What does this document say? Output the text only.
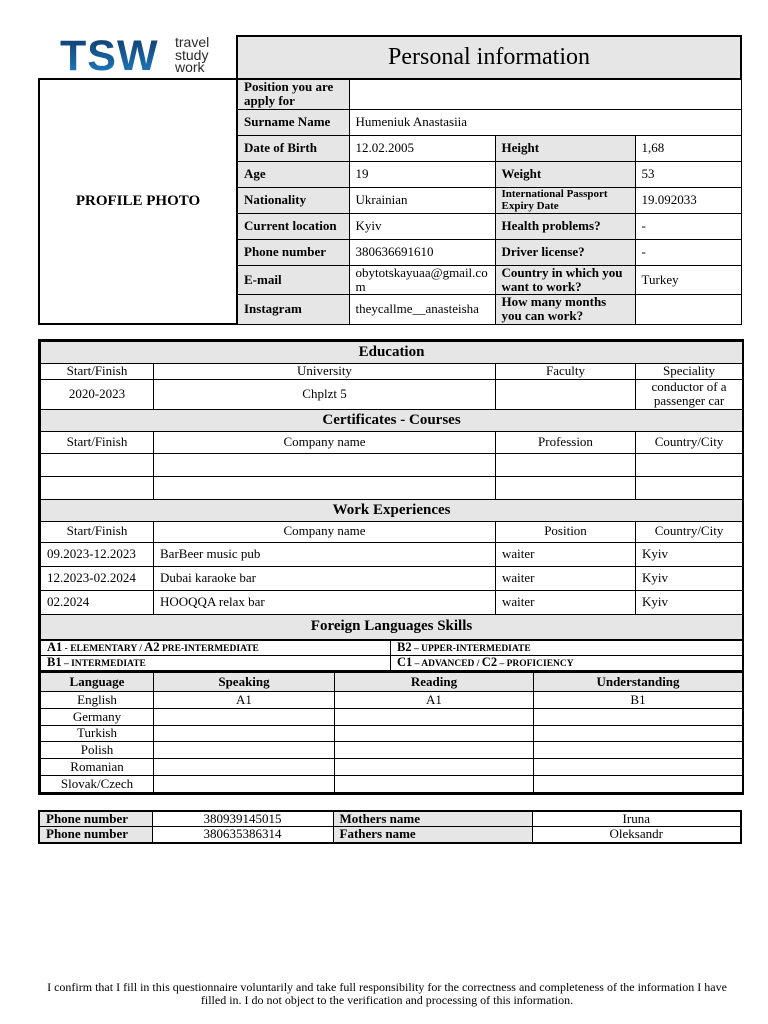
TSW travel
study
work
		Personal information			
PROFILE PHOTO	Position you are apply for			
	Surname Name	Humeniuk Anastasiia		
	Date of Birth	12.02.2005	Height	1,68
	Age	19	Weight	53
	Nationality	Ukrainian	International Passport Expiry Date	19.092033
	Current location	Kyiv	Health problems?	-
	Phone number	380636691610	Driver license?	-
	E-mail	obytotskayuaa@gmail.com	Country in which you want to work?	Turkey
	Instagram	theycallme__anasteisha	How many months you can work?	
Education			
Start/Finish	University	Faculty	Speciality
2020-2023	Chplzt 5		conductor of a passenger car
Certificates - Courses			
Start/Finish	Company name	Profession	Country/City

Work Experiences			
Start/Finish	Company name	Position	Country/City
09.2023-12.2023	BarBeer music pub	waiter	Kyiv
12.2023-02.2024	Dubai karaoke bar	waiter	Kyiv
02.2024	HOOQQA relax bar	waiter	Kyiv
Foreign Languages Skills			
A1 - ELEMENTARY / A2 PRE-INTERMEDIATE	B2 – UPPER-INTERMEDIATE
B1 – INTERMEDIATE	C1 – ADVANCED / C2 – PROFICIENCY
Language	Speaking	Reading	Understanding
English	A1	A1	B1
Germany			
Turkish			
Polish			
Romanian			
Slovak/Czech			
Phone number	380939145015	Mothers name	Iruna
Phone number	380635386314	Fathers name	Oleksandr
I confirm that I fill in this questionnaire voluntarily and take full responsibility for the correctness and completeness of the information I have filled in. I do not object to the verification and processing of this information.
